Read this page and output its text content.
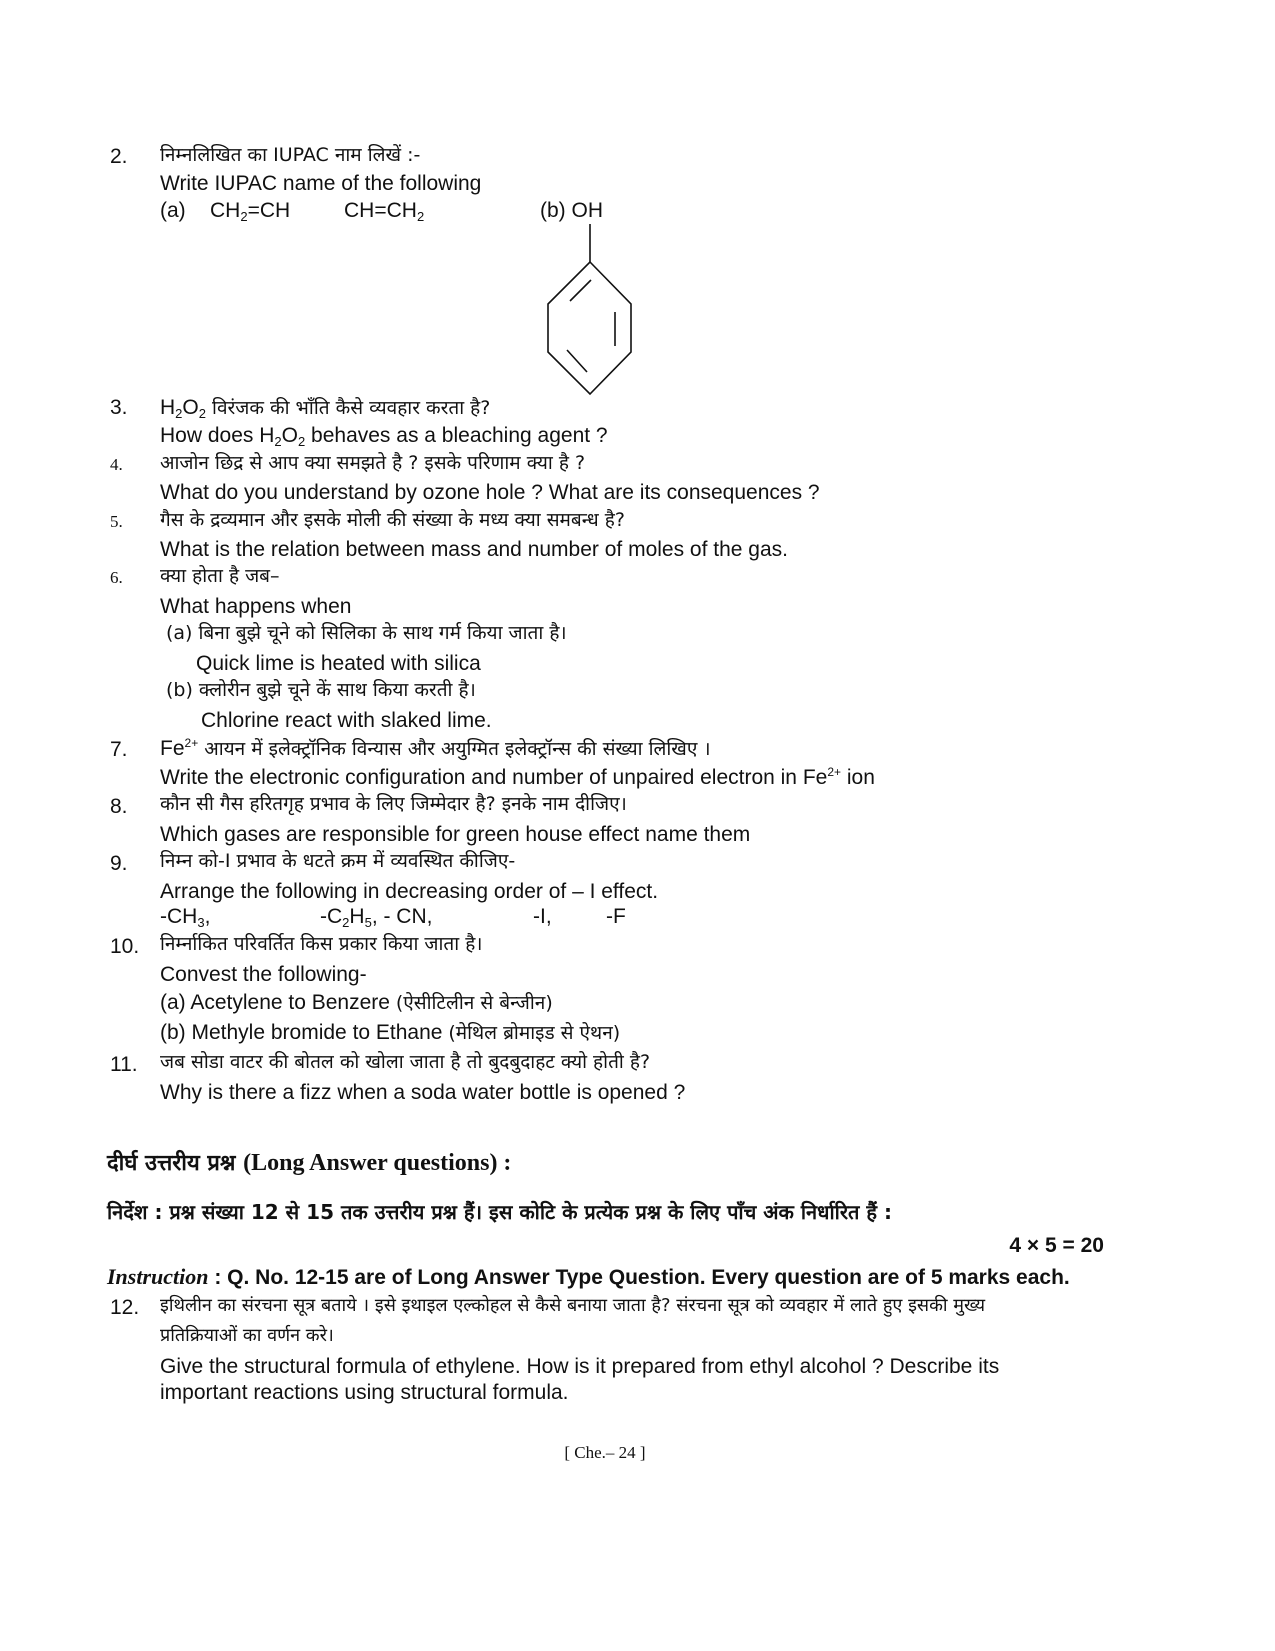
2. निम्नलिखित का IUPAC नाम लिखें :-
Write IUPAC name of the following
(a) $CH_2=CH$	$CH=CH_2$	(b) OH
3. $H_2O_2$ विरंजक की भाँति कैसे व्यवहार करता है?
How does $H_2O_2$ behaves as a bleaching agent ?
4. आजोन छिद्र से आप क्या समझते है ? इसके परिणाम क्या है ?
What do you understand by ozone hole ? What are its consequences ?
5. गैस के द्रव्यमान और इसके मोली की संख्या के मध्य क्या समबन्ध है?
What is the relation between mass and number of moles of the gas.
6. क्या होता है जब–
What happens when
(a) बिना बुझे चूने को सिलिका के साथ गर्म किया जाता है।
Quick lime is heated with silica
(b) क्लोरीन बुझे चूने कें साथ किया करती है।
Chlorine react with slaked lime.
7. $Fe^{2+}$ आयन में इलेक्ट्रॉनिक विन्यास और अयुग्मित इलेक्ट्रॉन्स की संख्या लिखिए ।
Write the electronic configuration and number of unpaired electron in $Fe^{2+}$ ion
8. कौन सी गैस हरितगृह प्रभाव के लिए जिम्मेदार है? इनके नाम दीजिए।
Which gases are responsible for green house effect name them
9. निम्न को-I प्रभाव के धटते क्रम में व्यवस्थित कीजिए-
Arrange the following in decreasing order of – I effect.
$-CH_3$,	$-C_2H_5$, - CN,	-I,	-F
10. निर्म्नाकित परिवर्तित किस प्रकार किया जाता है।
Convest the following-
(a) Acetylene to Benzere (ऐसीटिलीन से बेन्जीन)
(b) Methyle bromide to Ethane (मेथिल ब्रोमाइड से ऐथन)
11. जब सोडा वाटर की बोतल को खोला जाता है तो बुदबुदाहट क्यो होती है?
Why is there a fizz when a soda water bottle is opened ?
दीर्घ उत्तरीय प्रश्न (Long Answer questions) :
निर्देश : प्रश्न संख्या 12 से 15 तक उत्तरीय प्रश्न हैं। इस कोटि के प्रत्येक प्रश्न के लिए पाँच अंक निर्धारित हैं :
4 × 5 = 20
Instruction : Q. No. 12-15 are of Long Answer Type Question. Every question are of 5 marks each.
12. इथिलीन का संरचना सूत्र बताये । इसे इथाइल एल्कोहल से कैसे बनाया जाता है? संरचना सूत्र को व्यवहार में लाते हुए इसकी मुख्य
प्रतिक्रियाओं का वर्णन करे।
Give the structural formula of ethylene. How is it prepared from ethyl alcohol ? Describe its
important reactions using structural formula.
[ Che.– 24 ]
